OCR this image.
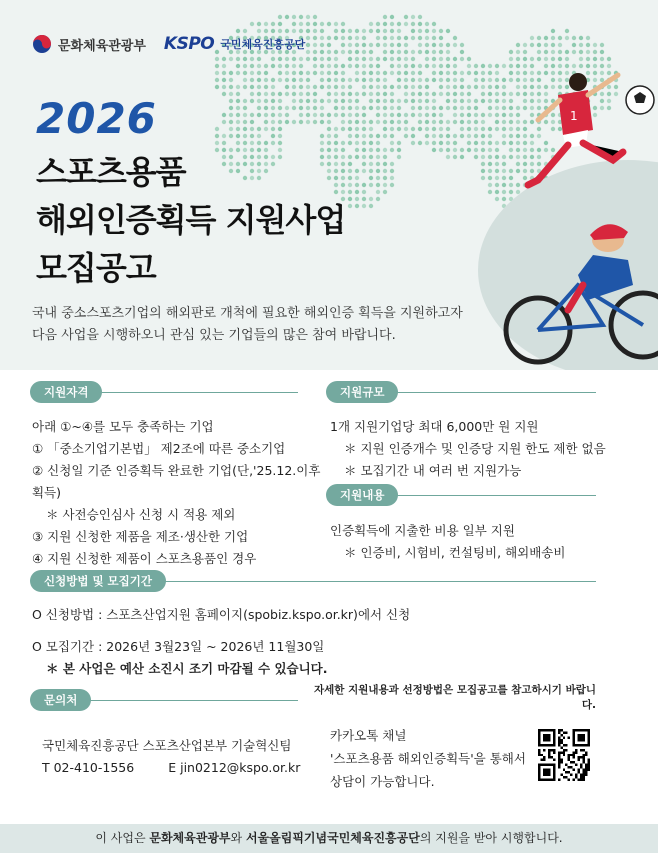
문화체육관광부 KSPO 국민체육진흥공단
2026
스포츠용품
해외인증획득 지원사업
모집공고

국내 중소스포츠기업의 해외판로 개척에 필요한 해외인증 획득을 지원하고자

다음 사업을 시행하오니 관심 있는 기업들의 많은 참여 바랍니다.

1
지원자격
아래 ①~④를 모두 충족하는 기업
① 「중소기업기본법」 제2조에 따른 중소기업
② 신청일 기준 인증획득 완료한 기업(단,'25.12.이후 획득)
＊ 사전승인심사 신청 시 적용 제외
③ 지원 신청한 제품을 제조·생산한 기업
④ 지원 신청한 제품이 스포츠용품인 경우
지원규모
1개 지원기업당 최대 6,000만 원 지원
＊ 지원 인증개수 및 인증당 지원 한도 제한 없음
＊ 모집기간 내 여러 번 지원가능
지원내용
인증획득에 지출한 비용 일부 지원
＊ 인증비, 시험비, 컨설팅비, 해외배송비
신청방법 및 모집기간
O 신청방법 : 스포츠산업지원 홈페이지(spobiz.kspo.or.kr)에서 신청
O 모집기간 : 2026년 3월23일 ~ 2026년 11월30일
＊ 본 사업은 예산 소진시 조기 마감될 수 있습니다.
자세한 지원내용과 선정방법은 모집공고를 참고하시기 바랍니다.
문의처
국민체육진흥공단 스포츠산업본부 기술혁신팀
T 02-410-1556	E jin0212@kspo.or.kr
카카오톡 채널
'스포츠용품 해외인증획득'을 통해서
상담이 가능합니다.
이 사업은 문화체육관광부와 서울올림픽기념국민체육진흥공단의 지원을 받아 시행합니다.
